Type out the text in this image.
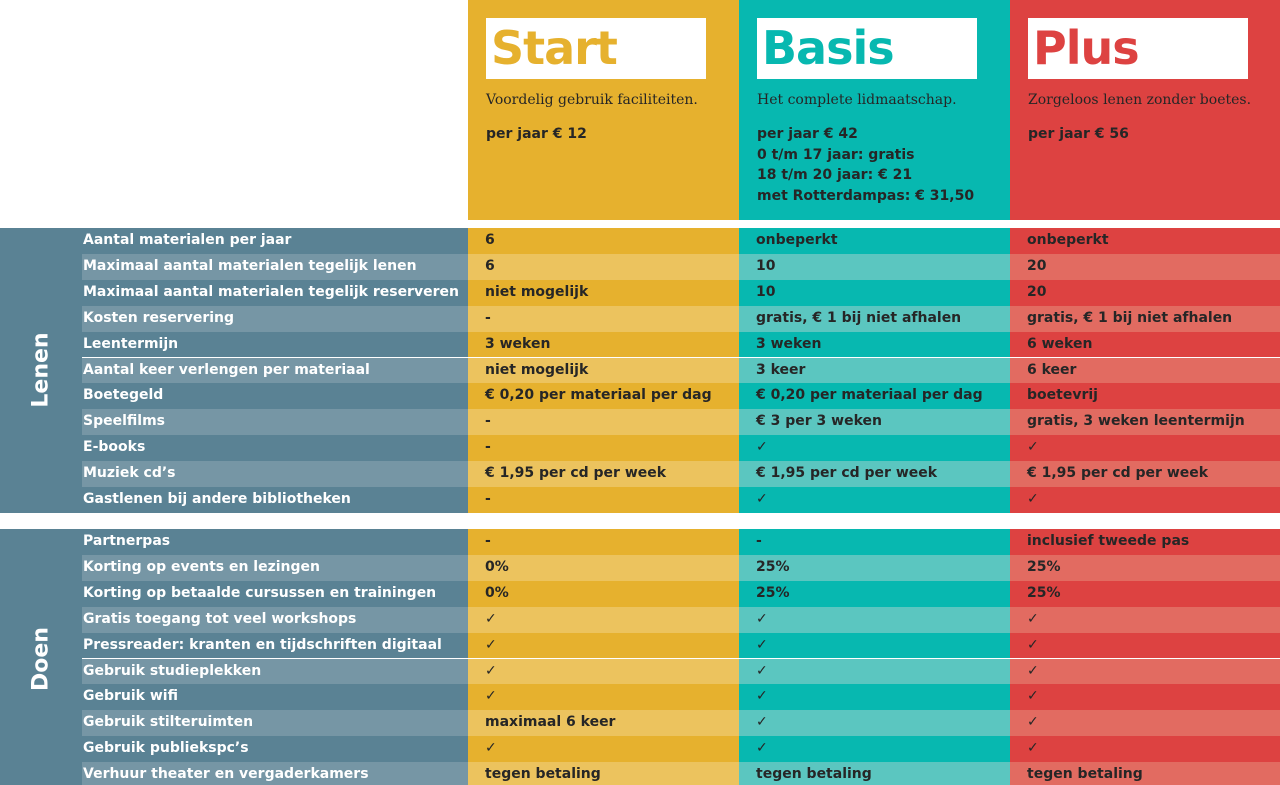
Start
Voordelig gebruik faciliteiten.
per jaar € 12
Basis
Het complete lidmaatschap.
per jaar € 42
0 t/m 17 jaar: gratis
18 t/m 20 jaar: € 21
met Rotterdampas: € 31,50
Plus
Zorgeloos lenen zonder boetes.
per jaar € 56
Lenen
Aantal materialen per jaar	6	onbeperkt	onbeperkt
Maximaal aantal materialen tegelijk lenen	6	10	20
Maximaal aantal materialen tegelijk reserveren	niet mogelijk	10	20
Kosten reservering	-	gratis, € 1 bij niet afhalen	gratis, € 1 bij niet afhalen
Leentermijn	3 weken	3 weken	6 weken
Aantal keer verlengen per materiaal	niet mogelijk	3 keer	6 keer
Boetegeld	€ 0,20 per materiaal per dag	€ 0,20 per materiaal per dag	boetevrij
Speelfilms	-	€ 3 per 3 weken	gratis, 3 weken leentermijn
E-books	-	✓	✓
Muziek cd’s	€ 1,95 per cd per week	€ 1,95 per cd per week	€ 1,95 per cd per week
Gastlenen bij andere bibliotheken	-	✓	✓
Doen
Partnerpas	-	-	inclusief tweede pas
Korting op events en lezingen	0%	25%	25%
Korting op betaalde cursussen en trainingen	0%	25%	25%
Gratis toegang tot veel workshops	✓	✓	✓
Pressreader: kranten en tijdschriften digitaal	✓	✓	✓
Gebruik studieplekken	✓	✓	✓
Gebruik wifi	✓	✓	✓
Gebruik stilteruimten	maximaal 6 keer	✓	✓
Gebruik publiekspc’s	✓	✓	✓
Verhuur theater en vergaderkamers	tegen betaling	tegen betaling	tegen betaling
